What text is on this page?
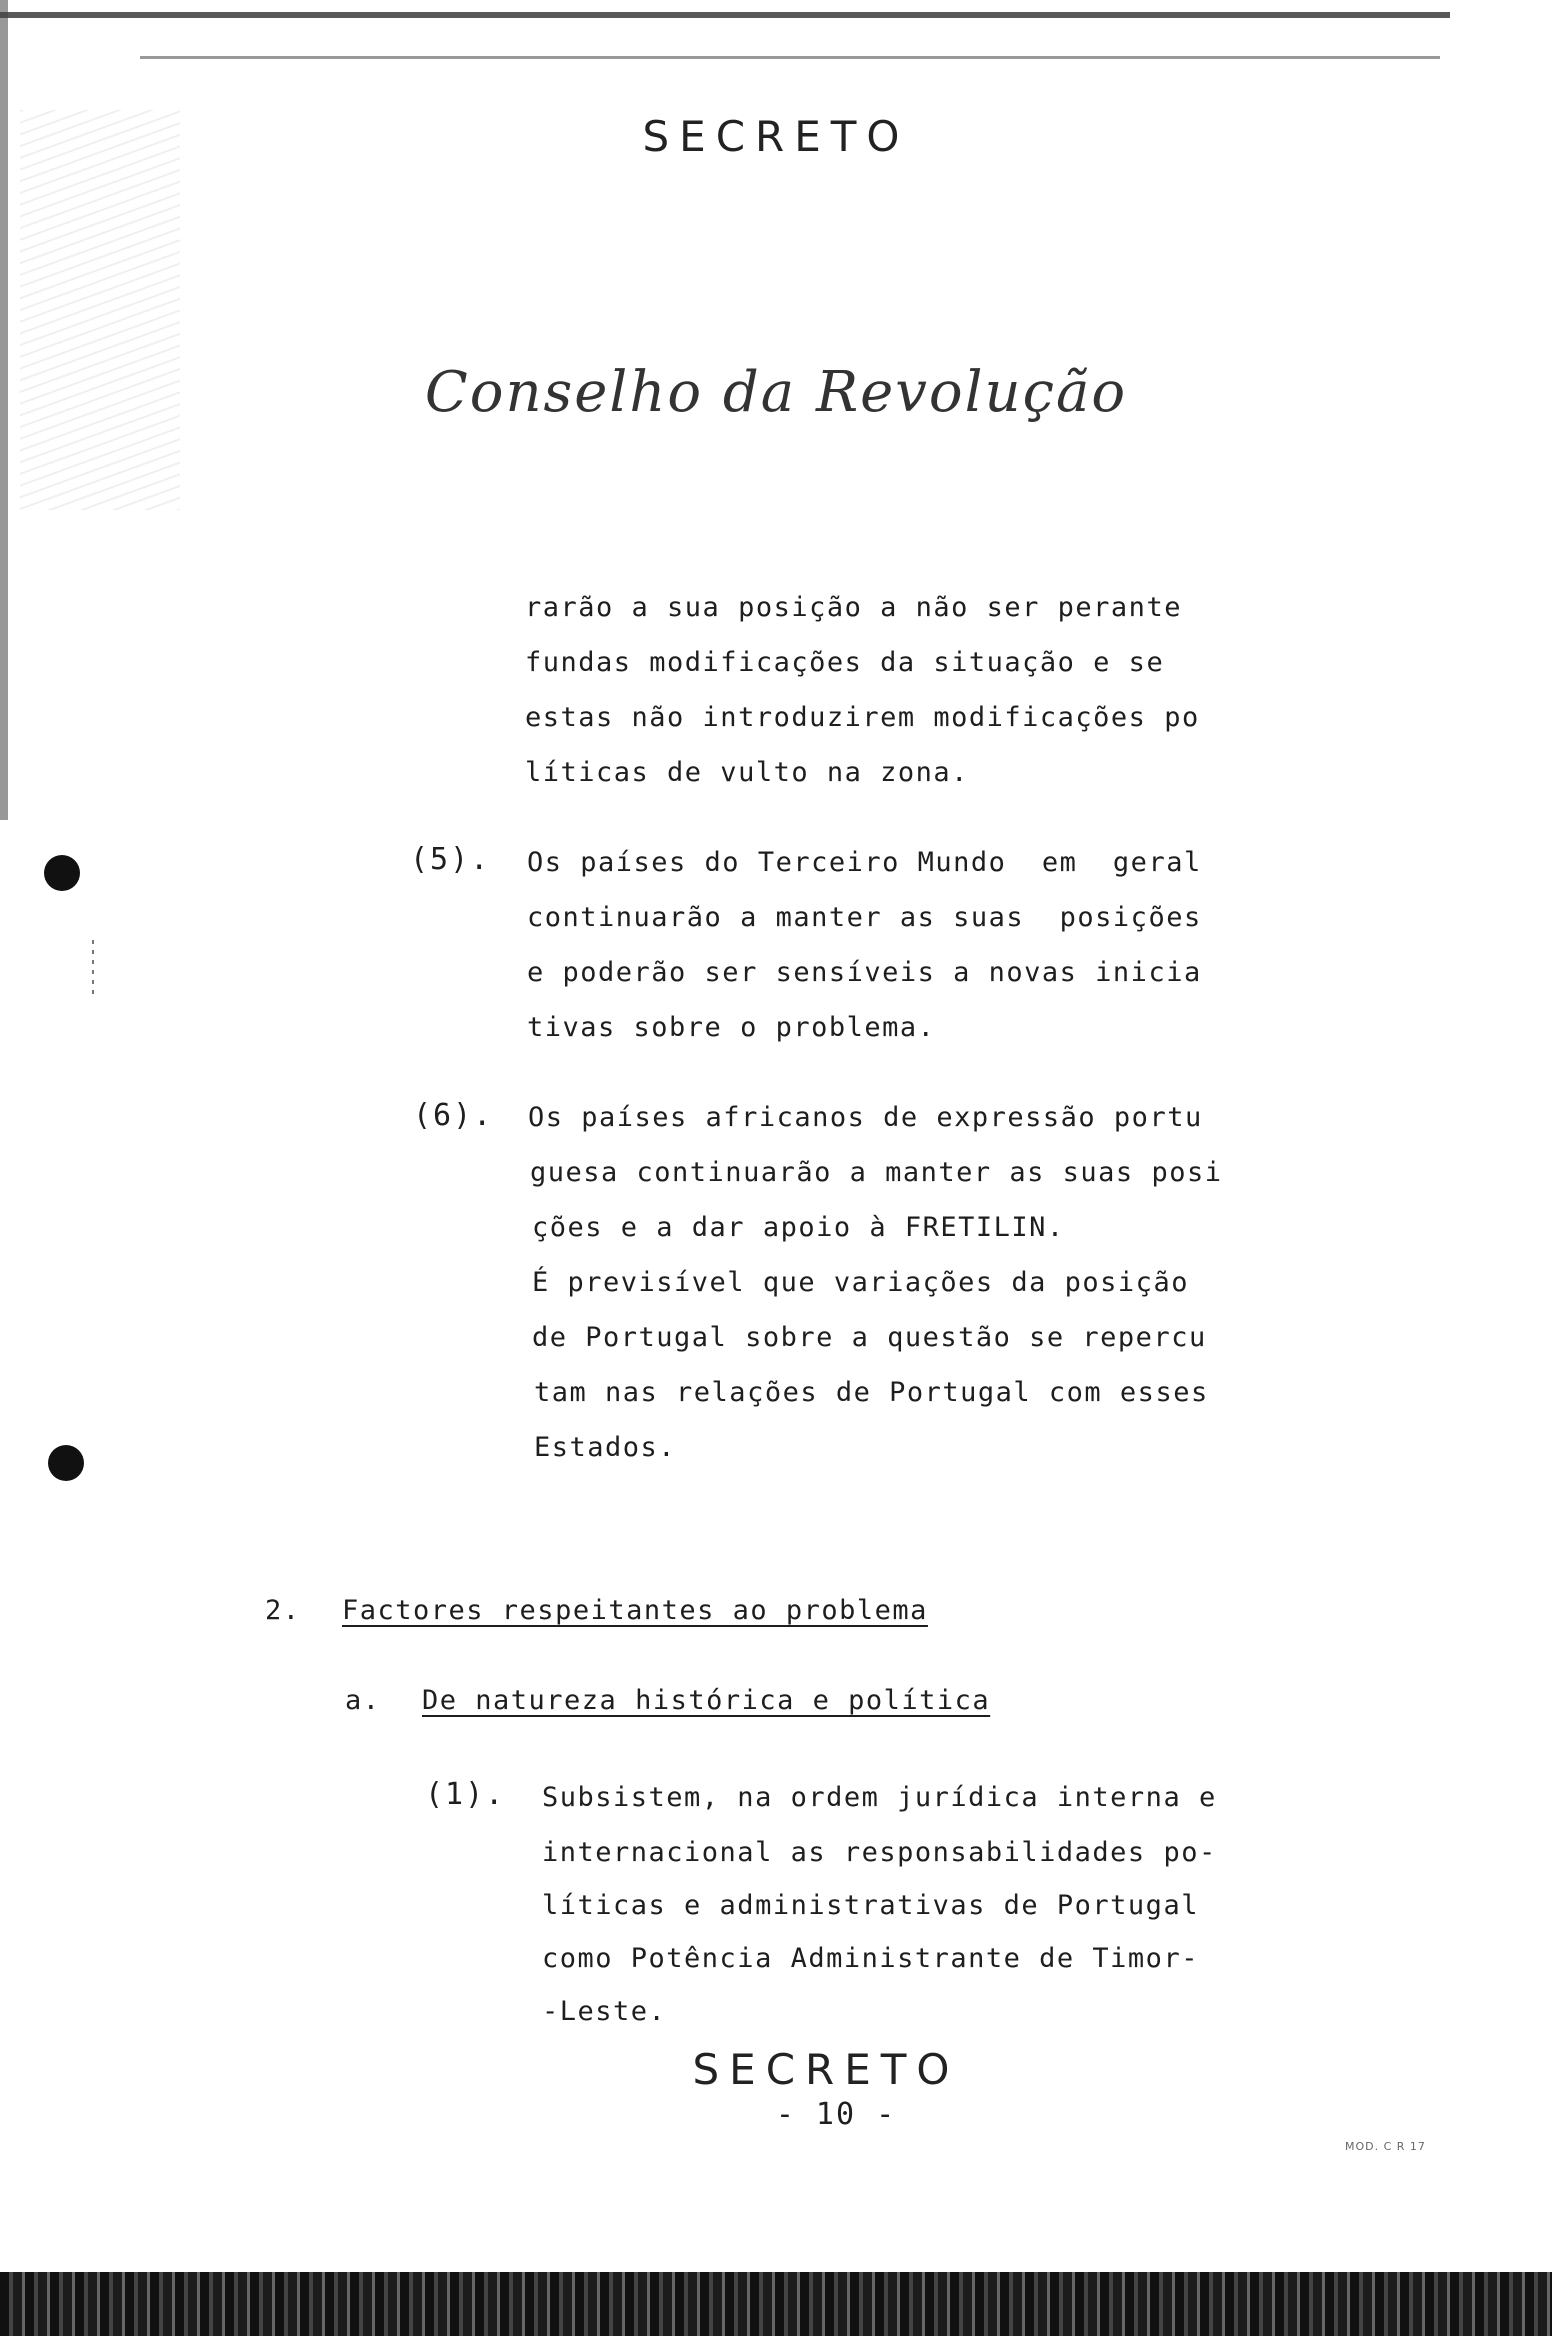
SECRETO
Conselho da Revolução
rarão a sua posição a não ser perante
fundas modificações da situação e se
estas não introduzirem modificações po
líticas de vulto na zona.
(5). Os países do Terceiro Mundo  em  geral
continuarão a manter as suas  posições
e poderão ser sensíveis a novas inicia
tivas sobre o problema.
(6). Os países africanos de expressão portu
guesa continuarão a manter as suas posi
ções e a dar apoio à FRETILIN.
É previsível que variações da posição
de Portugal sobre a questão se repercu
tam nas relações de Portugal com esses
Estados.
2. Factores respeitantes ao problema
a. De natureza histórica e política
(1). Subsistem, na ordem jurídica interna e
internacional as responsabilidades po-
líticas e administrativas de Portugal
como Potência Administrante de Timor-
-Leste.
SECRETO
- 10 -
MOD. C R 17
